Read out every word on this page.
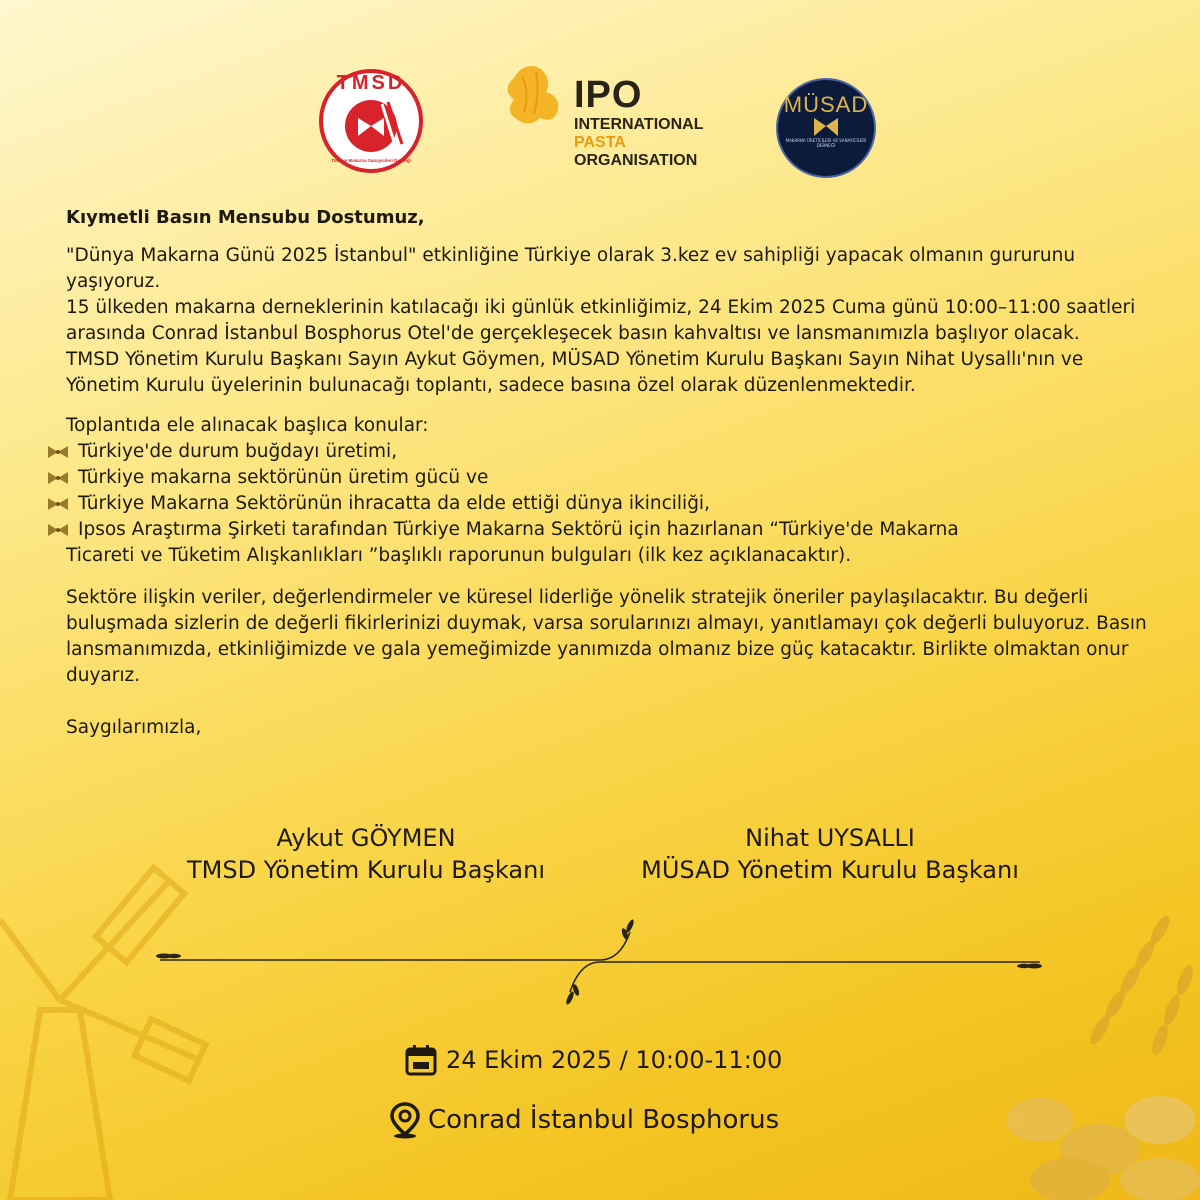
TMSD
Türkiye Makarna Sanayicileri Derneği
IPO
INTERNATIONAL
PASTA
ORGANISATION
MÜSAD
MAKARNA ÜRETİCİLERİ VE SANAYİCİLERİ DERNEĞİ
Kıymetli Basın Mensubu Dostumuz,

"Dünya Makarna Günü 2025 İstanbul" etkinliğine Türkiye olarak 3.kez ev sahipliği yapacak olmanın gururunu yaşıyoruz.

15 ülkeden makarna derneklerinin katılacağı iki günlük etkinliğimiz, 24 Ekim 2025 Cuma günü 10:00–11:00 saatleri arasında Conrad İstanbul Bosphorus Otel'de gerçekleşecek basın kahvaltısı ve lansmanımızla başlıyor olacak.

TMSD Yönetim Kurulu Başkanı Sayın Aykut Göymen, MÜSAD Yönetim Kurulu Başkanı Sayın Nihat Uysallı'nın ve Yönetim Kurulu üyelerinin bulunacağı toplantı, sadece basına özel olarak düzenlenmektedir.

Toplantıda ele alınacak başlıca konular:
Türkiye'de durum buğdayı üretimi,
Türkiye makarna sektörünün üretim gücü ve
Türkiye Makarna Sektörünün ihracatta da elde ettiği dünya ikinciliği,
Ipsos Araştırma Şirketi tarafından Türkiye Makarna Sektörü için hazırlanan “Türkiye'de Makarna
Ticareti ve Tüketim Alışkanlıkları ”başlıklı raporunun bulguları (ilk kez açıklanacaktır).

Sektöre ilişkin veriler, değerlendirmeler ve küresel liderliğe yönelik stratejik öneriler paylaşılacaktır. Bu değerli buluşmada sizlerin de değerli fikirlerinizi duymak, varsa sorularınızı almayı, yanıtlamayı çok değerli buluyoruz. Basın lansmanımızda, etkinliğimizde ve gala yemeğimizde yanımızda olmanız bize güç katacaktır. Birlikte olmaktan onur duyarız.

Saygılarımızla,

Aykut GÖYMEN
TMSD Yönetim Kurulu Başkanı
Nihat UYSALLI
MÜSAD Yönetim Kurulu Başkanı
24 Ekim 2025 / 10:00-11:00
Conrad İstanbul Bosphorus
